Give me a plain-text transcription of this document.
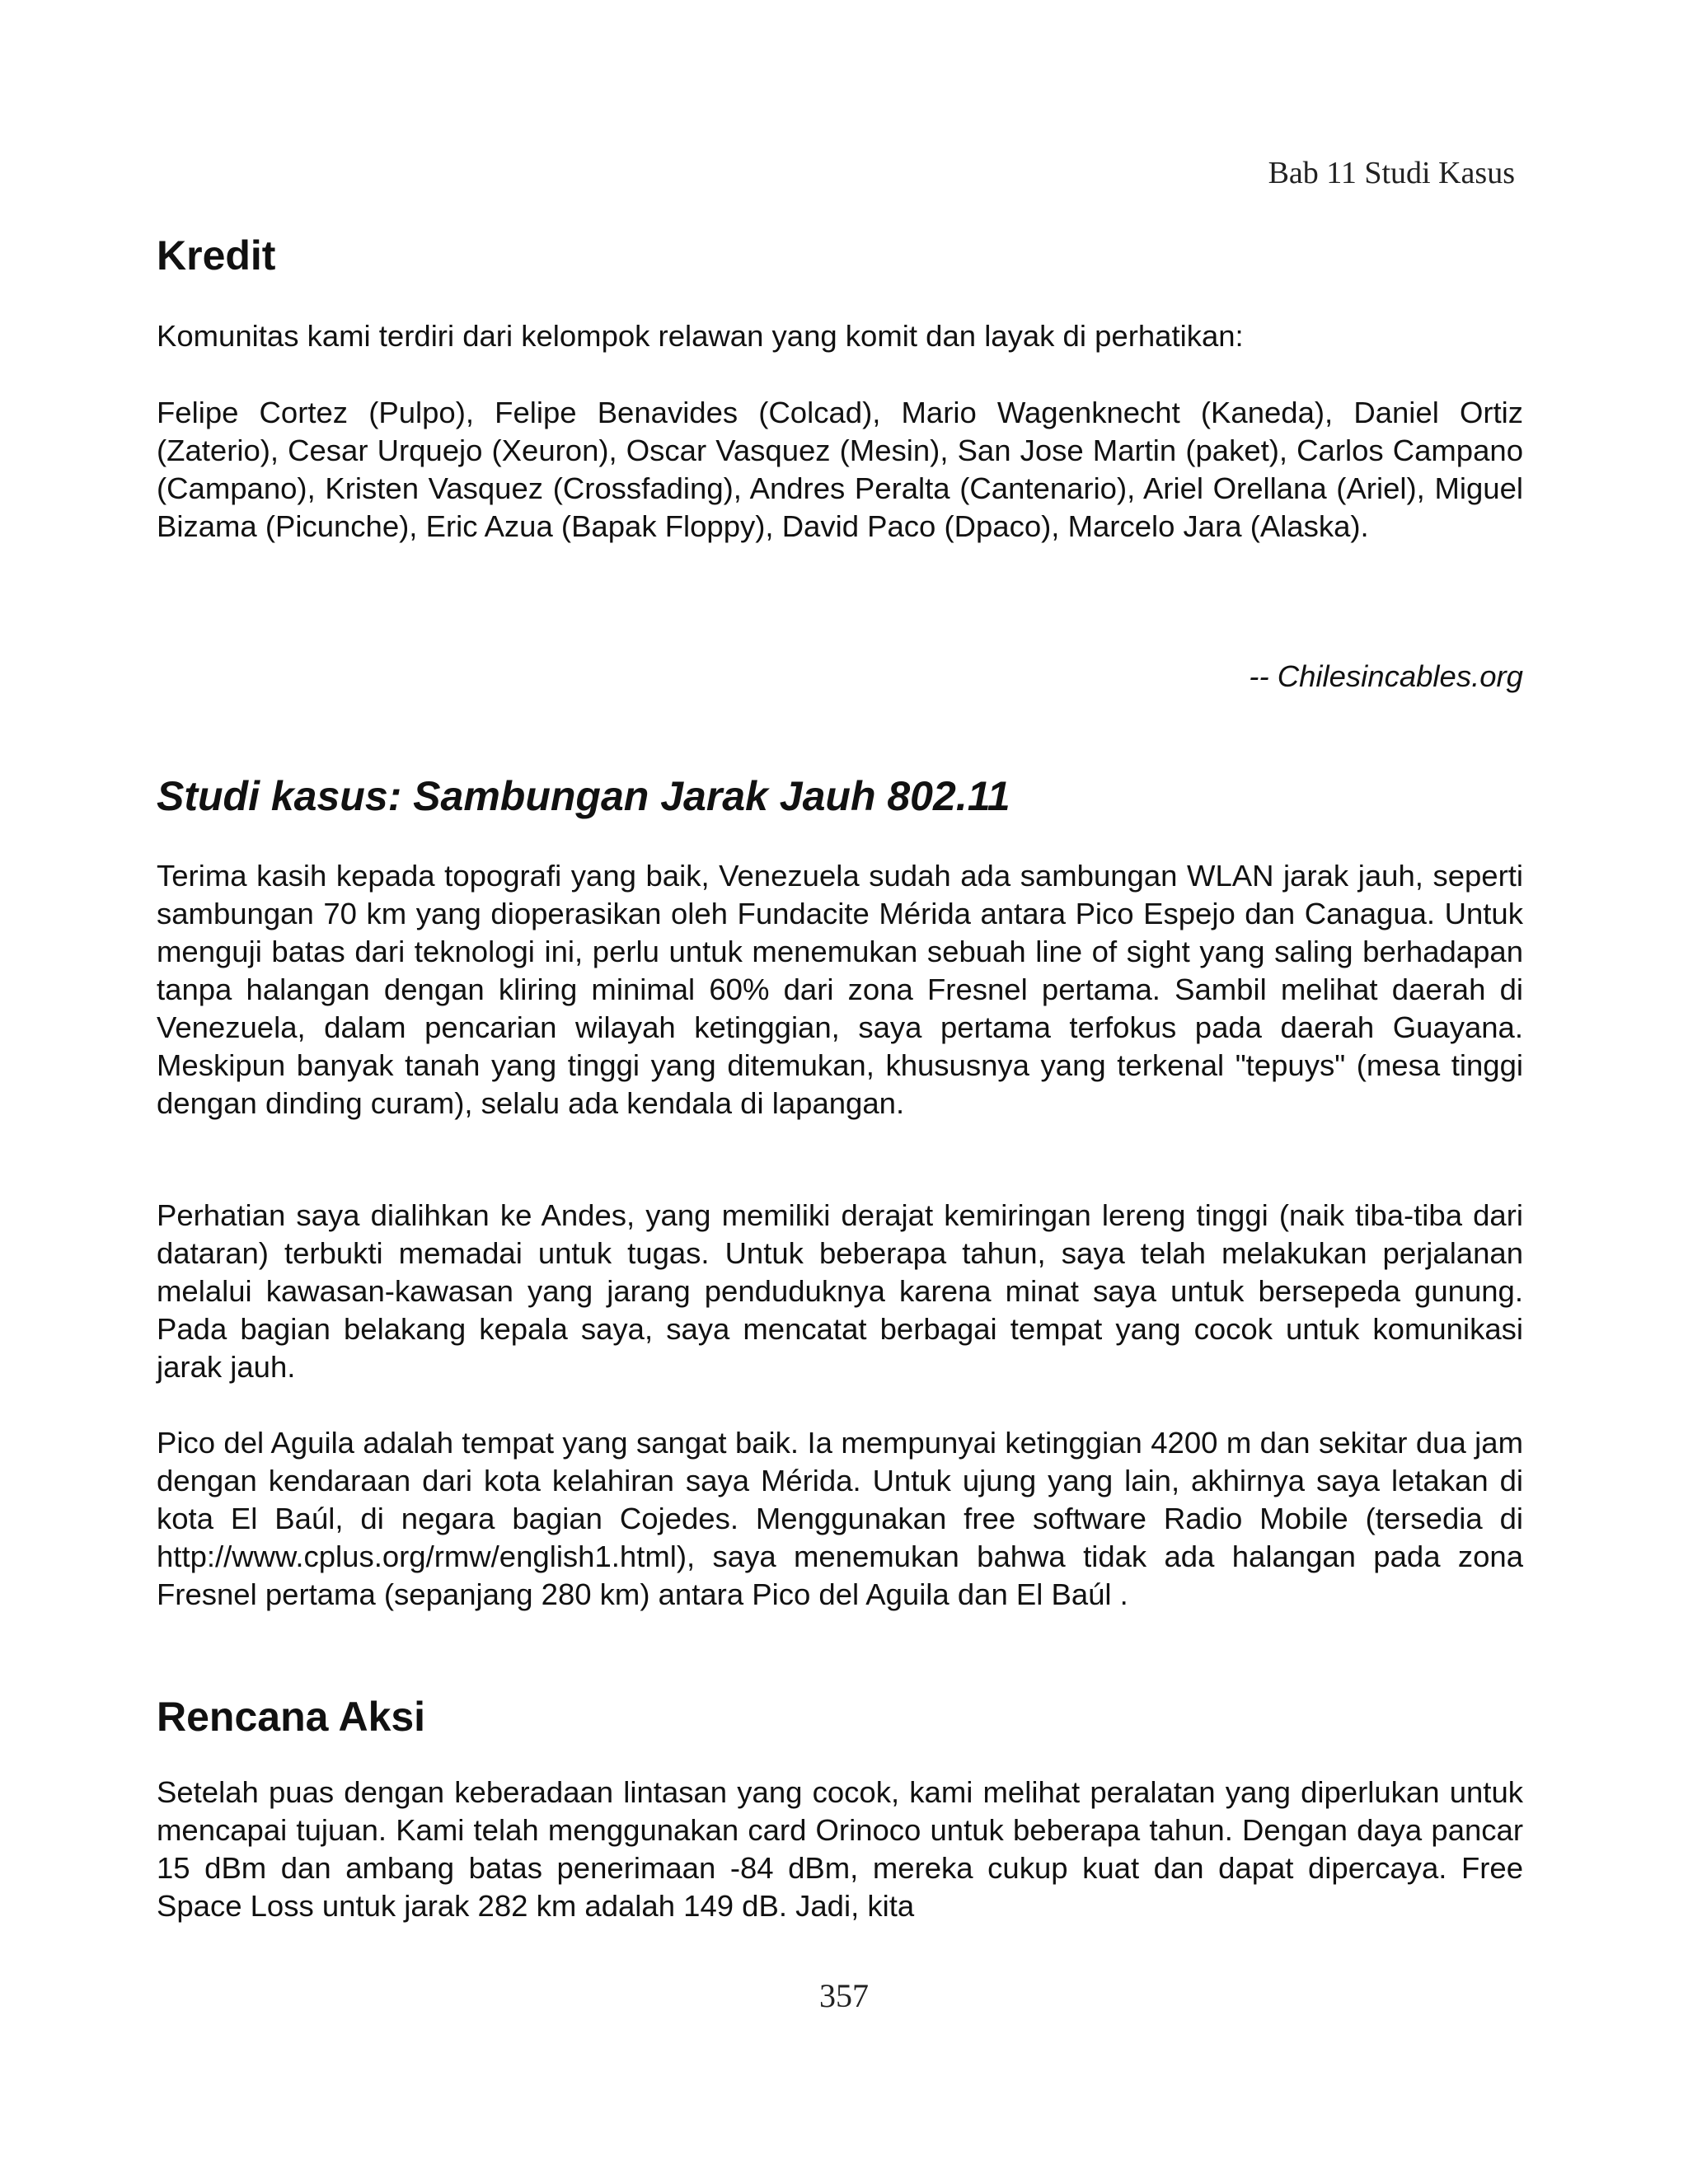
Bab 11 Studi Kasus
Kredit

Komunitas kami terdiri dari kelompok relawan yang komit dan layak di perhatikan:

Felipe Cortez (Pulpo), Felipe Benavides (Colcad), Mario Wagenknecht (Kaneda), Daniel Ortiz (Zaterio), Cesar Urquejo (Xeuron), Oscar Vasquez (Mesin), San Jose Martin (paket), Carlos Campano (Campano), Kristen Vasquez (Crossfading), Andres Peralta (Cantenario), Ariel Orellana (Ariel), Miguel Bizama (Picunche), Eric Azua (Bapak Floppy), David Paco (Dpaco), Marcelo Jara (Alaska).

-- Chilesincables.org

Studi kasus: Sambungan Jarak Jauh 802.11

Terima kasih kepada topografi yang baik, Venezuela sudah ada sambungan WLAN jarak jauh, seperti sambungan 70 km yang dioperasikan oleh Fundacite Mérida antara Pico Espejo dan Canagua. Untuk menguji batas dari teknologi ini, perlu untuk menemukan sebuah line of sight yang saling berhadapan tanpa halangan dengan kliring minimal 60% dari zona Fresnel pertama. Sambil melihat daerah di Venezuela, dalam pencarian wilayah ketinggian, saya pertama terfokus pada daerah Guayana. Meskipun banyak tanah yang tinggi yang ditemukan, khususnya yang terkenal "tepuys" (mesa tinggi dengan dinding curam), selalu ada kendala di lapangan.

Perhatian saya dialihkan ke Andes, yang memiliki derajat kemiringan lereng tinggi (naik tiba-tiba dari dataran) terbukti memadai untuk tugas. Untuk beberapa tahun, saya telah melakukan perjalanan melalui kawasan-kawasan yang jarang penduduknya karena minat saya untuk bersepeda gunung. Pada bagian belakang kepala saya, saya mencatat berbagai tempat yang cocok untuk komunikasi jarak jauh.

Pico del Aguila adalah tempat yang sangat baik. Ia mempunyai ketinggian 4200 m dan sekitar dua jam dengan kendaraan dari kota kelahiran saya Mérida. Untuk ujung yang lain, akhirnya saya letakan di kota El Baúl, di negara bagian Cojedes. Menggunakan free software Radio Mobile (tersedia di http://www.cplus.org/rmw/english1.html), saya menemukan bahwa tidak ada halangan pada zona Fresnel pertama (sepanjang 280 km) antara Pico del Aguila dan El Baúl .

Rencana Aksi

Setelah puas dengan keberadaan lintasan yang cocok, kami melihat peralatan yang diperlukan untuk mencapai tujuan. Kami telah menggunakan card Orinoco untuk beberapa tahun. Dengan daya pancar 15 dBm dan ambang batas penerimaan -84 dBm, mereka cukup kuat dan dapat dipercaya. Free Space Loss untuk jarak 282 km adalah 149 dB. Jadi, kita

357
